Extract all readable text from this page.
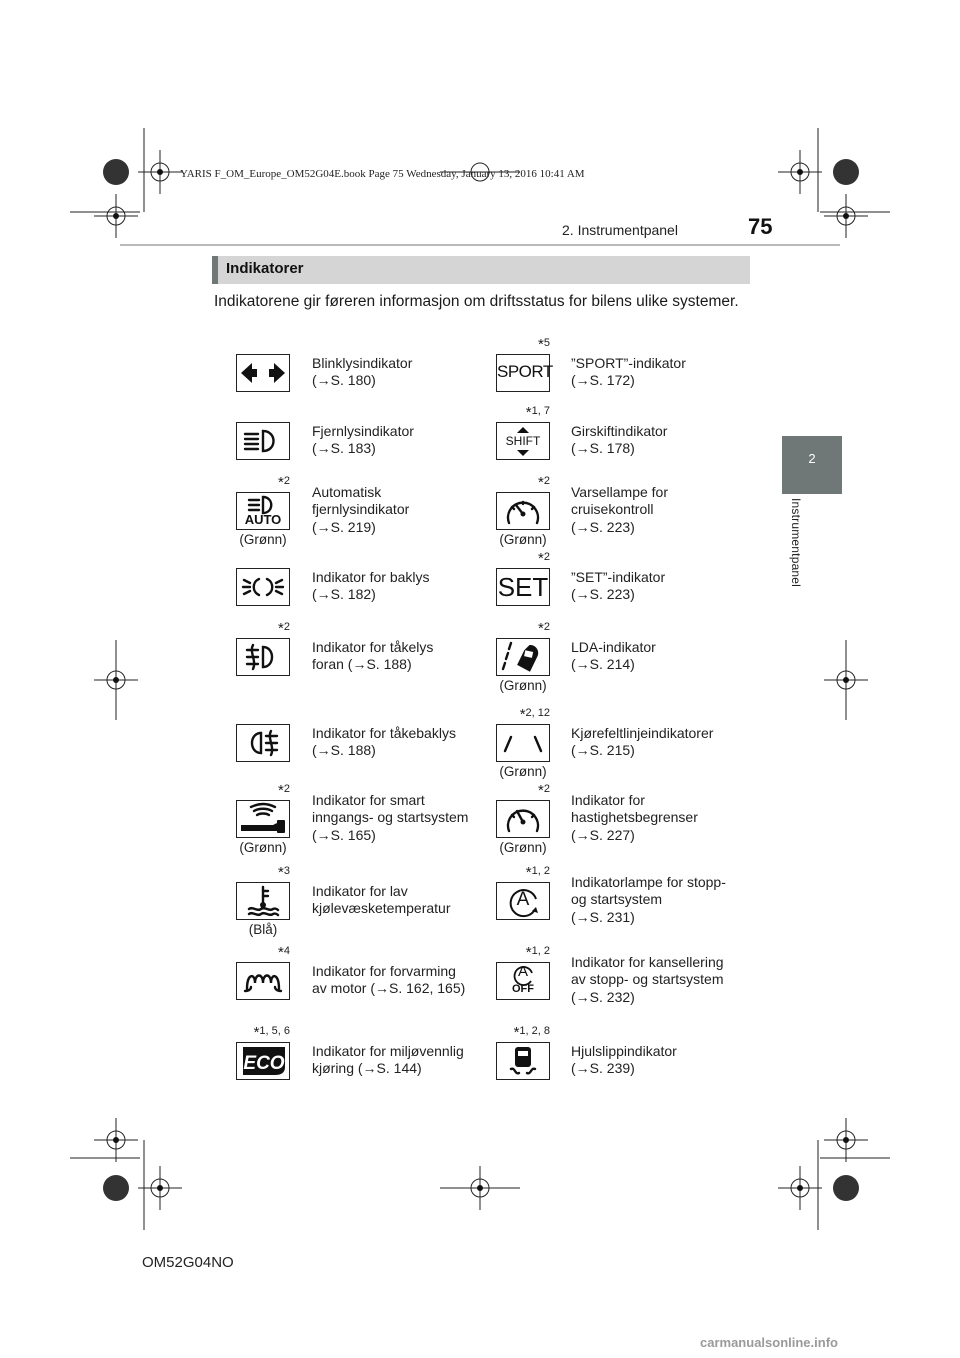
YARIS F_OM_Europe_OM52G04E.book Page 75 Wednesday, January 13, 2016 10:41 AM
2. Instrumentpanel	75
2
Instrumentpanel
Indikatorer
Indikatorene gir føreren informasjon om driftsstatus for bilens ulike systemer.
Blinklysindikator
(→S. 180)
Fjernlysindikator
(→S. 183)
*2
AUTO
(Grønn)
Automatisk
fjernlysindikator
(→S. 219)
Indikator for baklys
(→S. 182)
*2
Indikator for tåkelys
foran (→S. 188)
Indikator for tåkebaklys
(→S. 188)
*2
(Grønn)
Indikator for smart
inngangs- og startsystem
(→S. 165)
*3
(Blå)
Indikator for lav
kjølevæsketemperatur
*4
Indikator for forvarming
av motor (→S. 162, 165)
*1, 5, 6
ECO
Indikator for miljøvennlig
kjøring (→S. 144)
*5
SPORT ”SPORT”-indikator
(→S. 172)
*1, 7
SHIFT
Girskiftindikator
(→S. 178)
*2
(Grønn)
Varsellampe for
cruisekontroll
(→S. 223)
*2
SET ”SET”-indikator
(→S. 223)
*2
(Grønn)
LDA-indikator
(→S. 214)
*2, 12
(Grønn)
Kjørefeltlinjeindikatorer
(→S. 215)
*2
(Grønn)
Indikator for
hastighetsbegrenser
(→S. 227)
*1, 2
A
Indikatorlampe for stopp-
og startsystem
(→S. 231)
*1, 2
A
OFF
Indikator for kansellering
av stopp- og startsystem
(→S. 232)
*1, 2, 8
Hjulslippindikator
(→S. 239)
OM52G04NO
carmanualsonline.info
